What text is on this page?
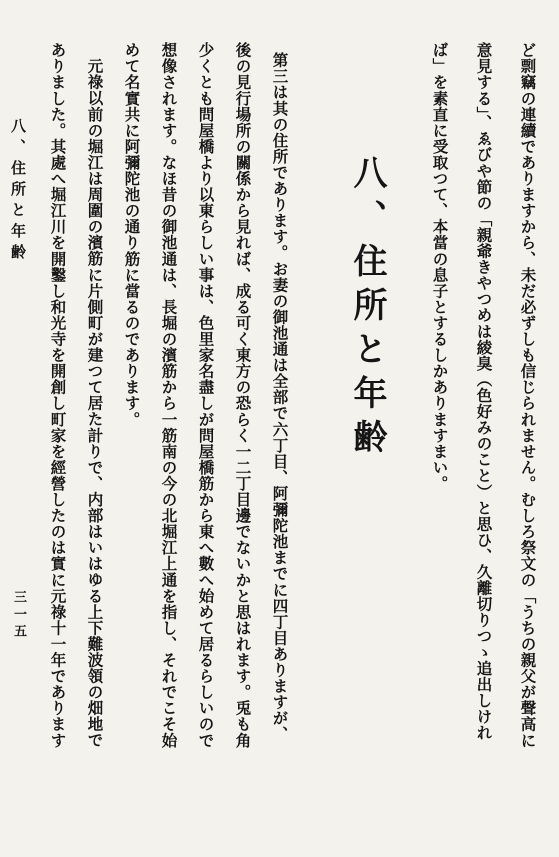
ど剽竊の連續でありますから、未だ必ずしも信じられません。むしろ祭文の「うちの親父が聲高に
意見する」、ゑびや節の「親爺きやつめは綾臭（色好みのこと）と思ひ、久離切りつゝ追出しけれ
ば」を素直に受取つて、本當の息子とするしかありますまい。
八、住所と年齢
第三は其の住所であります。お妻の御池通は全部で六丁目、阿彌陀池までに四丁目ありますが、
後の見行場所の關係から見れば、成る可く東方の恐らく一二丁目邊でないかと思はれます。兎も角
少くとも問屋橋より以東らしい事は、色里家名盡しが問屋橋筋から東へ數へ始めて居るらしいので
想像されます。なほ昔の御池通は、長堀の濱筋から一筋南の今の北堀江上通を指し、それでこそ始
めて名實共に阿彌陀池の通り筋に當るのであります。
元祿以前の堀江は周圍の濱筋に片側町が建つて居た計りで、内部はいはゆる上下難波領の畑地で
ありました。其處へ堀江川を開鑿し和光寺を開創し町家を經營したのは實に元祿十一年であります
八、住所と年齢
三一五
